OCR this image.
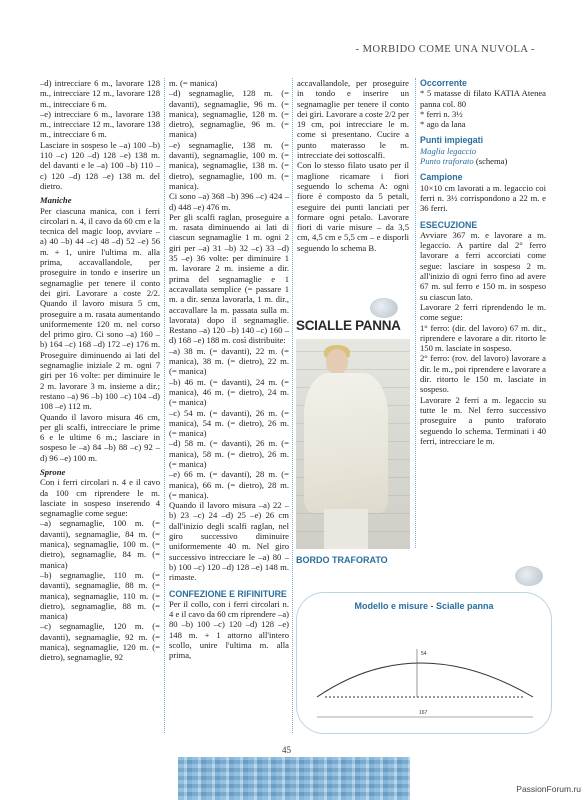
- MORBIDO COME UNA NUVOLA -

–d) intrecciare 6 m., lavorare 128 m., intrecciare 12 m., lavorare 128 m., intrecciare 6 m.

–e) intrecciare 6 m., lavorare 138 m., intrecciare 12 m., lavorare 138 m., intrecciare 6 m.

Lasciare in sospeso le –a) 100 –b) 110 –c) 120 –d) 128 –e) 138 m. del davanti e le –a) 100 –b) 110 –c) 120 –d) 128 –e) 138 m. del dietro.

Maniche

Per ciascuna manica, con i ferri circolari n. 4, il cavo da 60 cm e la tecnica del magic loop, avviare –a) 40 –b) 44 –c) 48 –d) 52 –e) 56 m. + 1, unire l'ultima m. alla prima, accavallandole, per proseguire in tondo e inserire un segnamaglie per tenere il conto dei giri. Lavorare a coste 2/2. Quando il lavoro misura 5 cm, proseguire a m. rasata aumentando uniformemente 120 m. nel corso del primo giro. Ci sono –a) 160 –b) 164 –c) 168 –d) 172 –e) 176 m. Proseguire diminuendo ai lati del segnamaglie iniziale 2 m. ogni 7 giri per 16 volte: per diminuire le 2 m. lavorare 3 m. insieme a dir.; restano –a) 96 –b) 100 –c) 104 –d) 108 –e) 112 m.

Quando il lavoro misura 46 cm, per gli scalfi, intrecciare le prime 6 e le ultime 6 m.; lasciare in sospeso le –a) 84 –b) 88 –c) 92 –d) 96 –e) 100 m.

Sprone

Con i ferri circolari n. 4 e il cavo da 100 cm riprendere le m. lasciate in sospeso inserendo 4 segnamaglie come segue:

–a) segnamaglie, 100 m. (= davanti), segnamaglie, 84 m. (= manica), segnamaglie, 100 m. (= dietro), segnamaglie, 84 m. (= manica)

–b) segnamaglie, 110 m. (= davanti), segnamaglie, 88 m. (= manica), segnamaglie, 110 m. (= dietro), segnamaglie, 88 m. (= manica)

–c) segnamaglie, 120 m. (= davanti), segnamaglie, 92 m. (= manica), segnamaglie, 120 m. (= dietro), segnamaglie, 92

m. (= manica)

–d) segnamaglie, 128 m. (= davanti), segnamaglie, 96 m. (= manica), segnamaglie, 128 m. (= dietro), segnamaglie, 96 m. (= manica)

–e) segnamaglie, 138 m. (= davanti), segnamaglie, 100 m. (= manica), segnamaglie, 138 m. (= dietro), segnamaglie, 100 m. (= manica).

Ci sono –a) 368 –b) 396 –c) 424 –d) 448 –e) 476 m.

Per gli scalfi raglan, proseguire a m. rasata diminuendo ai lati di ciascun segnamaglie 1 m. ogni 2 giri per –a) 31 –b) 32 –c) 33 –d) 35 –e) 36 volte: per diminuire 1 m. lavorare 2 m. insieme a dir. prima del segnamaglie e 1 accavallata semplice (= passare 1 m. a dir. senza lavorarla, 1 m. dir., accavallare la m. passata sulla m. lavorata) dopo il segnamaglie. Restano –a) 120 –b) 140 –c) 160 –d) 168 –e) 188 m. così distribuite:

–a) 38 m. (= davanti), 22 m. (= manica), 38 m. (= dietro), 22 m. (= manica)

–b) 46 m. (= davanti), 24 m. (= manica), 46 m. (= dietro), 24 m. (= manica)

–c) 54 m. (= davanti), 26 m. (= manica), 54 m. (= dietro), 26 m. (= manica)

–d) 58 m. (= davanti), 26 m. (= manica), 58 m. (= dietro), 26 m. (= manica)

–e) 66 m. (= davanti), 28 m. (= manica), 66 m. (= dietro), 28 m. (= manica).

Quando il lavoro misura –a) 22 –b) 23 –c) 24 –d) 25 –e) 26 cm dall'inizio degli scalfi raglan, nel giro successivo diminuire uniformemente 40 m. Nel giro successivo intrecciare le –a) 80 –b) 100 –c) 120 –d) 128 –e) 148 m. rimaste.

CONFEZIONE E RIFINITURE

Per il collo, con i ferri circolari n. 4 e il cavo da 60 cm riprendere –a) 80 –b) 100 –c) 120 –d) 128 –e) 148 m. + 1 attorno all'intero scollo, unire l'ultima m. alla prima,

accavallandole, per proseguire in tondo e inserire un segnamaglie per tenere il conto dei giri. Lavorare a coste 2/2 per 19 cm, poi intrecciare le m. come si presentano. Cucire a punto materasso le m. intrecciate dei sottoscalfi.

Con lo stesso filato usato per il maglione ricamare i fiori seguendo lo schema A: ogni fiore è composto da 5 petali, eseguire dei punti lanciati per formare ogni petalo. Lavorare fiori di varie misure – da 3,5 cm, 4,5 cm e 5,5 cm – e disporli seguendo lo schema B.

SCIALLE PANNA
BORDO TRAFORATO

Occorrente

* 5 matasse di filato KATIA Atenea panna col. 80

* ferri n. 3½

* ago da lana

Punti impiegati

Maglia legaccio

Punto traforato (schema)

Campione

10×10 cm lavorati a m. legaccio coi ferri n. 3½ corrispondono a 22 m. e 36 ferri.

ESECUZIONE

Avviare 367 m. e lavorare a m. legaccio. A partire dal 2° ferro lavorare a ferri accorciati come segue: lasciare in sospeso 2 m. all'inizio di ogni ferro fino ad avere 67 m. sul ferro e 150 m. in sospeso su ciascun lato.

Lavorare 2 ferri riprendendo le m. come segue:

1° ferro: (dir. del lavoro) 67 m. dir., riprendere e lavorare a dir. ritorto le 150 m. lasciate in sospeso.

2° ferro: (rov. del lavoro) lavorare a dir. le m., poi riprendere e lavorare a dir. ritorto le 150 m. lasciate in sospeso.

Lavorare 2 ferri a m. legaccio su tutte le m. Nel ferro successivo proseguire a punto traforato seguendo lo schema. Terminati i 40 ferri, intrecciare le m.

Modello e misure - Scialle panna
54
167
45
PassionForum.ru
